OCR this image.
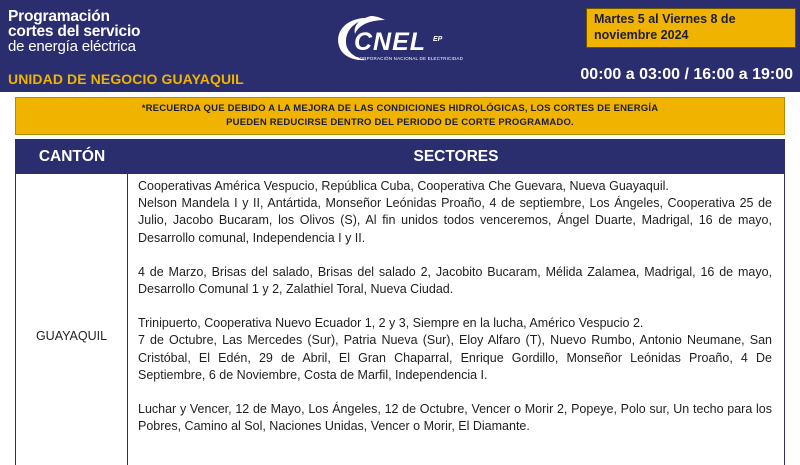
Programación
cortes del servicio
de energía eléctrica
UNIDAD DE NEGOCIO GUAYAQUIL
CNEL EP
CORPORACIÓN NACIONAL DE ELECTRICIDAD
Martes 5 al Viernes 8 de noviembre 2024
00:00 a 03:00 / 16:00 a 19:00
*RECUERDA QUE DEBIDO A LA MEJORA DE LAS CONDICIONES HIDROLÓGICAS, LOS CORTES DE ENERGÍA
PUEDEN REDUCIRSE DENTRO DEL PERIODO DE CORTE PROGRAMADO.
CANTÓN	SECTORES
GUAYAQUIL

Cooperativas América Vespucio, República Cuba, Cooperativa Che Guevara, Nueva Guayaquil.

Nelson Mandela I y II, Antártida, Monseñor Leónidas Proaño, 4 de septiembre, Los Ángeles, Cooperativa 25 de Julio, Jacobo Bucaram, los Olivos (S), Al fin unidos todos venceremos, Ángel Duarte, Madrigal, 16 de mayo, Desarrollo comunal, Independencia I y II.

4 de Marzo, Brisas del salado, Brisas del salado 2, Jacobito Bucaram, Mélida Zalamea, Madrigal, 16 de mayo, Desarrollo Comunal 1 y 2, Zalathiel Toral, Nueva Ciudad.

Trinipuerto, Cooperativa Nuevo Ecuador 1, 2 y 3, Siempre en la lucha, Américo Vespucio 2.

7 de Octubre, Las Mercedes (Sur), Patria Nueva (Sur), Eloy Alfaro (T), Nuevo Rumbo, Antonio Neumane, San Cristóbal, El Edén, 29 de Abril, El Gran Chaparral, Enrique Gordillo, Monseñor Leónidas Proaño, 4 De Septiembre, 6 de Noviembre, Costa de Marfil, Independencia I.

Luchar y Vencer, 12 de Mayo, Los Ángeles, 12 de Octubre, Vencer o Morir 2, Popeye, Polo sur, Un techo para los Pobres, Camino al Sol, Naciones Unidas, Vencer o Morir, El Diamante.
